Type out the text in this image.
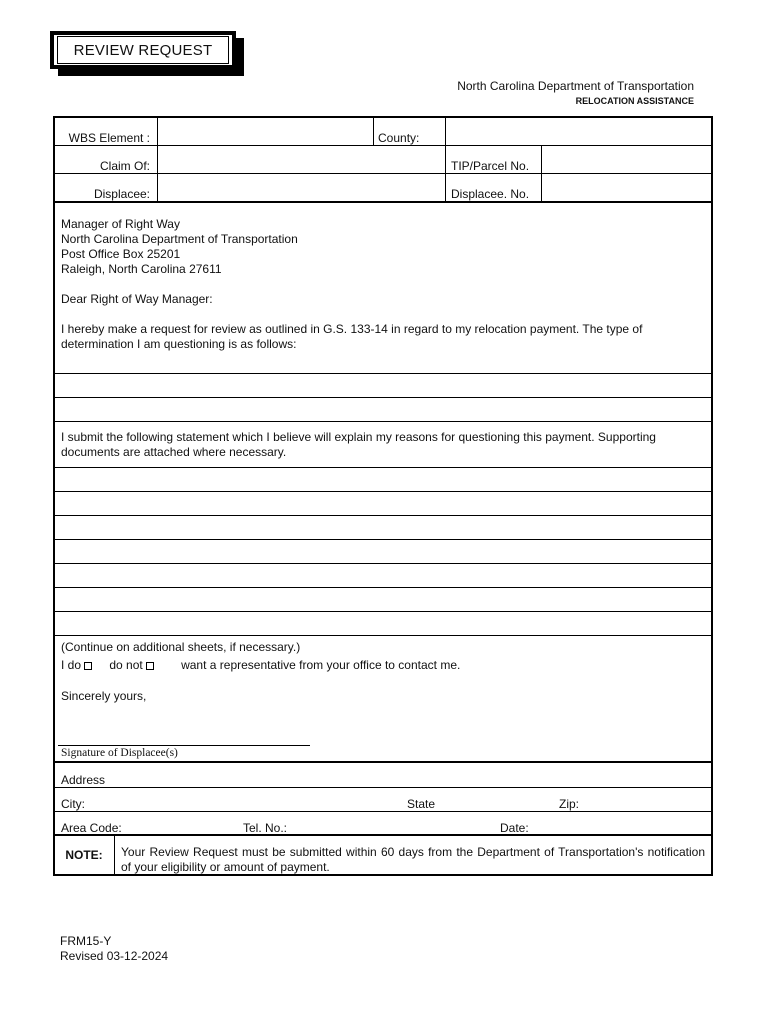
REVIEW REQUEST
North Carolina Department of Transportation
RELOCATION ASSISTANCE
WBS Element :	County:
Claim Of:	TIP/Parcel No.
Displacee:	Displacee. No.
Manager of Right Way
North Carolina Department of Transportation
Post Office Box 25201
Raleigh, North Carolina 27611
Dear Right of Way Manager:
I hereby make a request for review as outlined in G.S. 133-14 in regard to my relocation payment. The type of determination I am questioning is as follows:
I submit the following statement which I believe will explain my reasons for questioning this payment. Supporting documents are attached where necessary.
(Continue on additional sheets, if necessary.)
I do do not	want a representative from your office to contact me.
Sincerely yours,
Signature of Displacee(s)
Address
City:	State	Zip:
Area Code:	Tel. No.:	Date:
NOTE:	Your Review Request must be submitted within 60 days from the Department of Transportation's notification of your eligibility or amount of payment.
FRM15-Y
Revised 03-12-2024
